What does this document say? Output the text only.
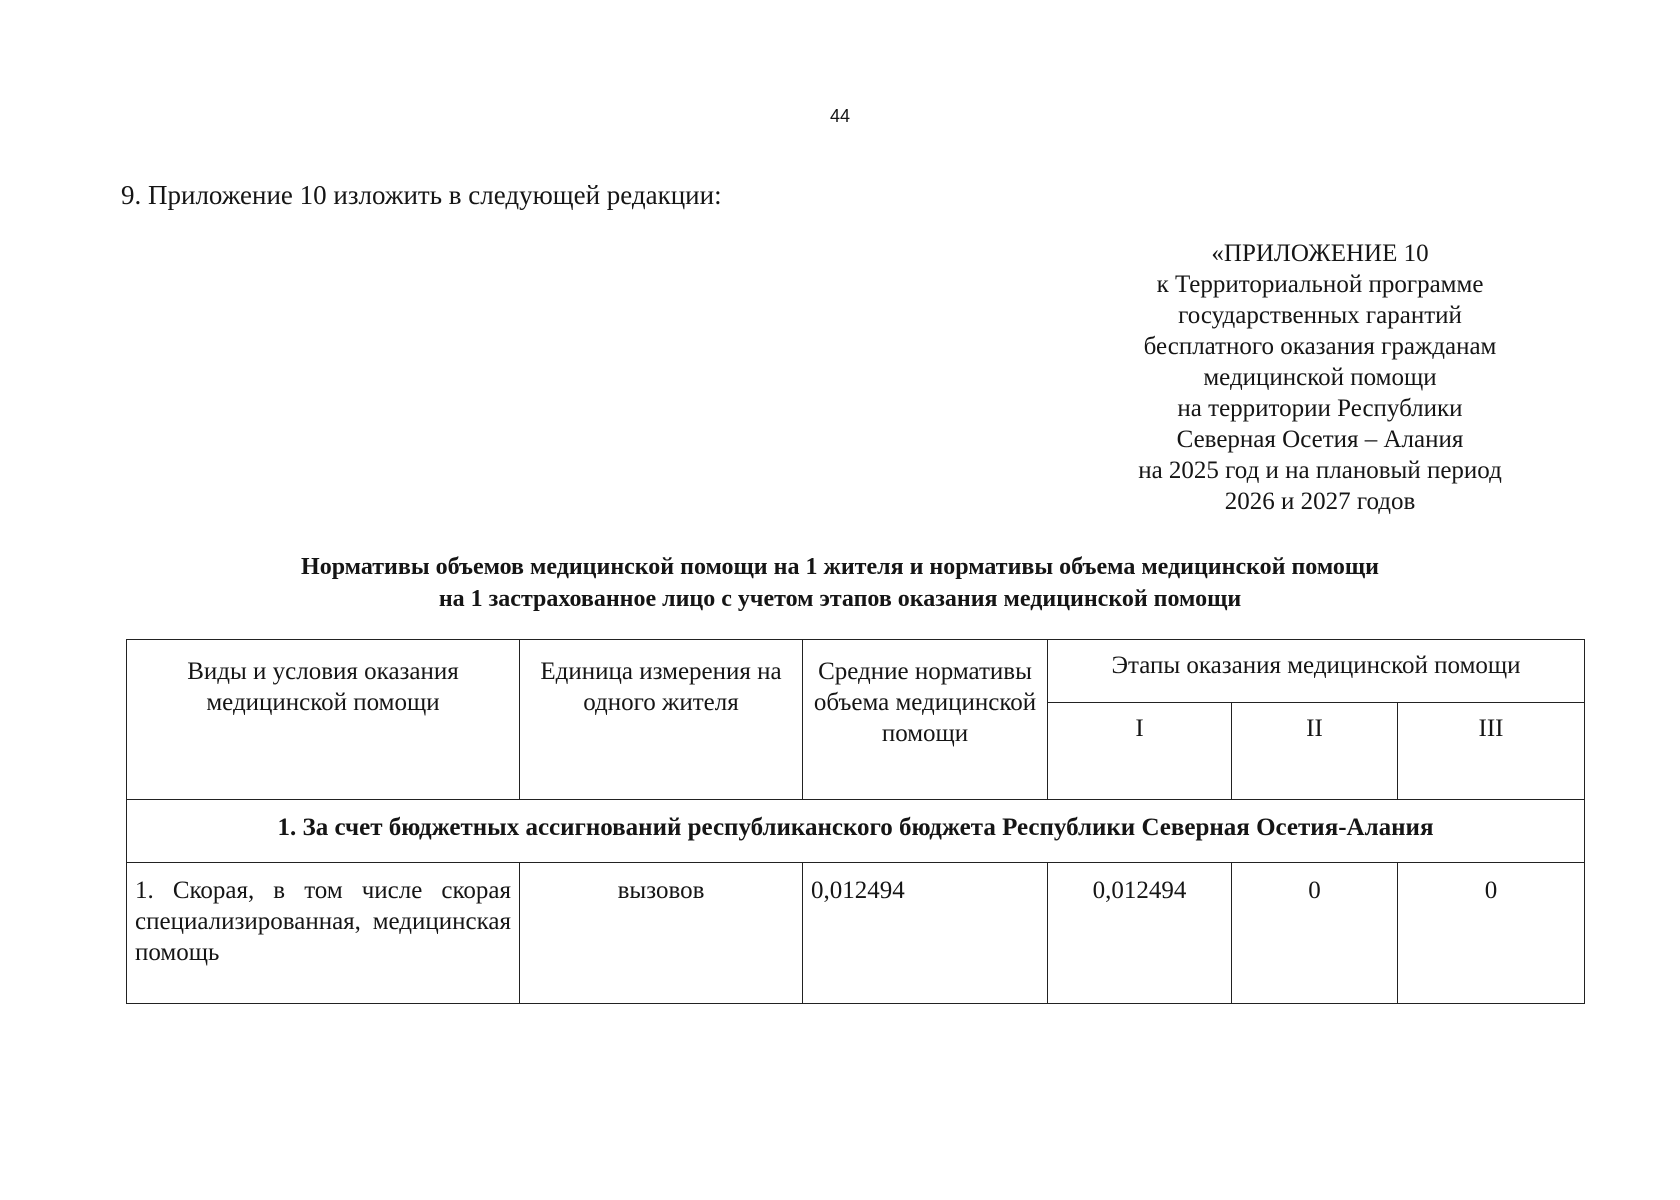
44
9. Приложение 10 изложить в следующей редакции:
«ПРИЛОЖЕНИЕ 10
к Территориальной программе
государственных гарантий
бесплатного оказания гражданам
медицинской помощи
на территории Республики
Северная Осетия – Алания
на 2025 год и на плановый период
2026 и 2027 годов
Нормативы объемов медицинской помощи на 1 жителя и нормативы объема медицинской помощи
на 1 застрахованное лицо с учетом этапов оказания медицинской помощи
Виды и условия оказания медицинской помощи	Единица измерения на одного жителя	Средние нормативы объема медицинской помощи	Этапы оказания медицинской помощи		
			I	II	III
1. За счет бюджетных ассигнований республиканского бюджета Республики Северная Осетия-Алания					
1. Скорая, в том числе скорая специализированная, медицинская помощь	вызовов	0,012494	0,012494	0	0
